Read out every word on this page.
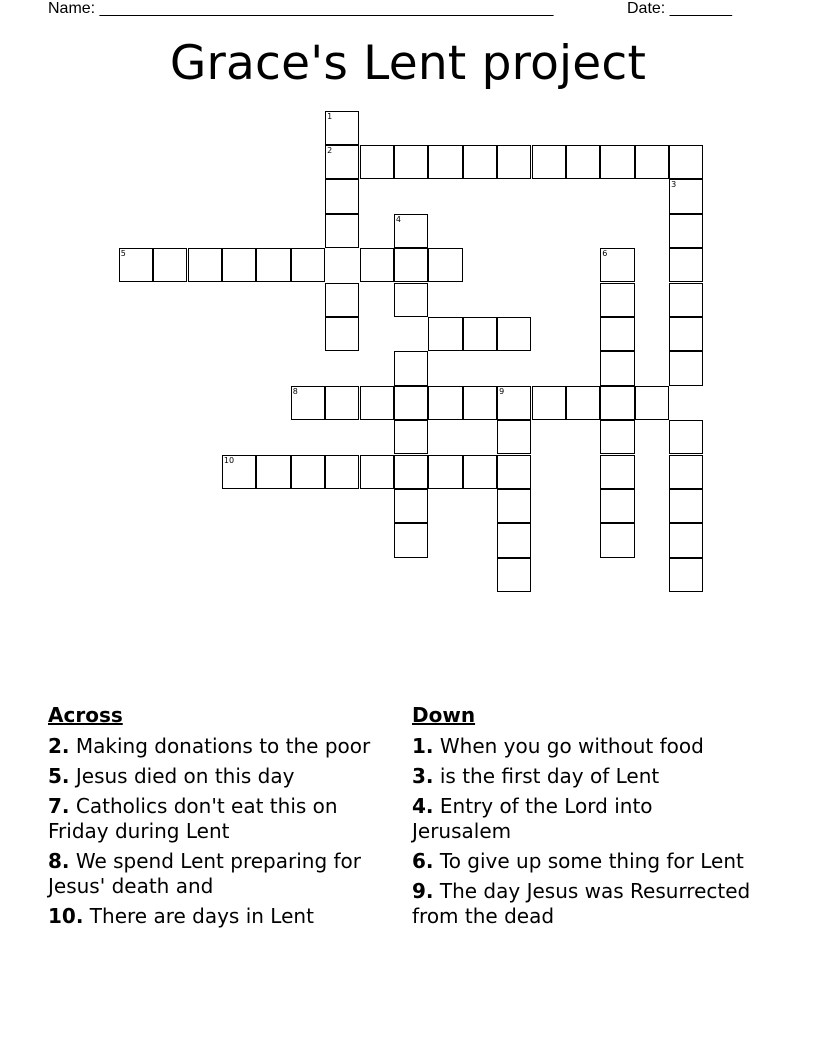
Name: ___________________________________________________	Date: _______
Grace's Lent project
2
3
5
8	9
10
1
4
6
Across
2. Making donations to the poor
5. Jesus died on this day
7. Catholics don't eat this on Friday during Lent
8. We spend Lent preparing for Jesus' death and
10. There are days in Lent
Down
1. When you go without food
3. is the first day of Lent
4. Entry of the Lord into Jerusalem
6. To give up some thing for Lent
9. The day Jesus was Resurrected from the dead
